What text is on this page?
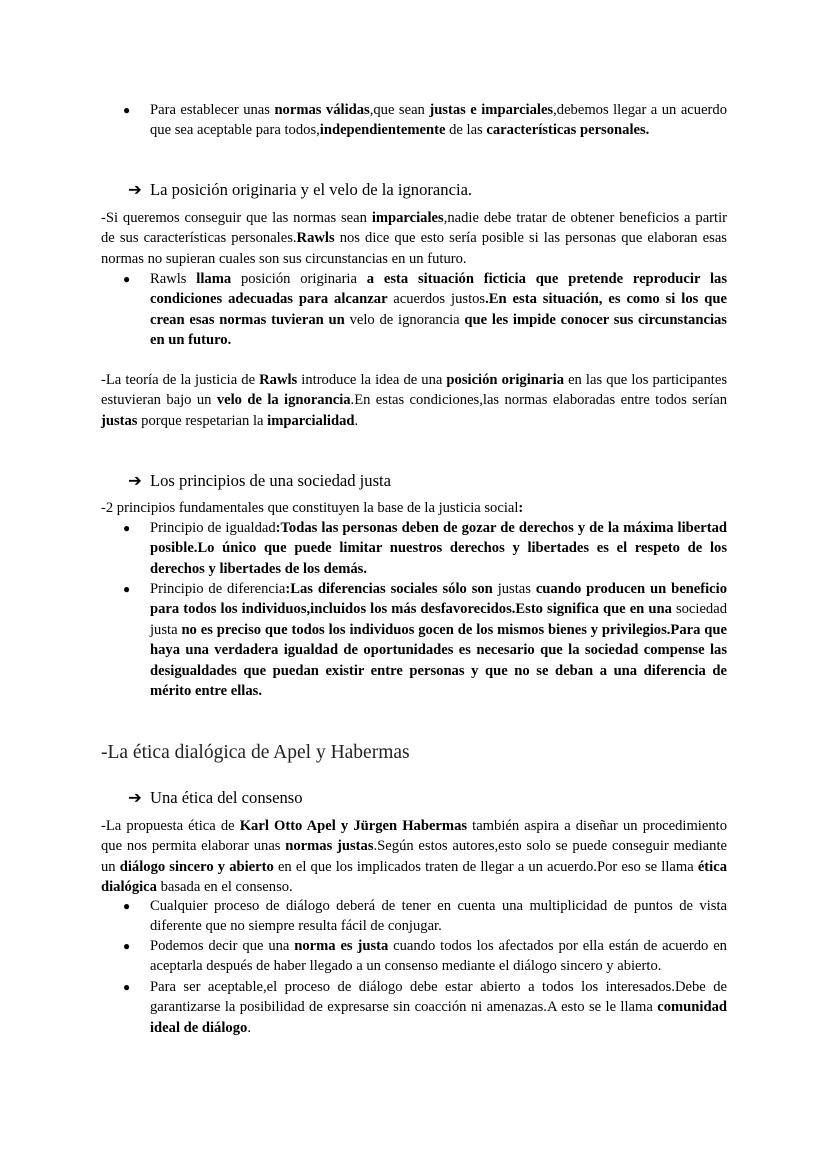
● Para establecer unas normas válidas,que sean justas e imparciales,debemos llegar a un acuerdo que sea aceptable para todos,independientemente de las características personales.
➔ La posición originaria y el velo de la ignorancia.
-Si queremos conseguir que las normas sean imparciales,nadie debe tratar de obtener beneficios a partir de sus características personales.Rawls nos dice que esto sería posible si las personas que elaboran esas normas no supieran cuales son sus circunstancias en un futuro.
● Rawls llama posición originaria a esta situación ficticia que pretende reproducir las condiciones adecuadas para alcanzar acuerdos justos.En esta situación, es como si los que crean esas normas tuvieran un velo de ignorancia que les impide conocer sus circunstancias en un futuro.
-La teoría de la justicia de Rawls introduce la idea de una posición originaria en las que los participantes estuvieran bajo un velo de la ignorancia.En estas condiciones,las normas elaboradas entre todos serían justas porque respetarian la imparcialidad.
➔ Los principios de una sociedad justa
-2 principios fundamentales que constituyen la base de la justicia social:
● Principio de igualdad:Todas las personas deben de gozar de derechos y de la máxima libertad posible.Lo único que puede limitar nuestros derechos y libertades es el respeto de los derechos y libertades de los demás.
● Principio de diferencia:Las diferencias sociales sólo son justas cuando producen un beneficio para todos los individuos,incluidos los más desfavorecidos.Esto significa que en una sociedad justa no es preciso que todos los individuos gocen de los mismos bienes y privilegios.Para que haya una verdadera igualdad de oportunidades es necesario que la sociedad compense las desigualdades que puedan existir entre personas y que no se deban a una diferencia de mérito entre ellas.
-La ética dialógica de Apel y Habermas
➔ Una ética del consenso
-La propuesta ética de Karl Otto Apel y Jürgen Habermas también aspira a diseñar un procedimiento que nos permita elaborar unas normas justas.Según estos autores,esto solo se puede conseguir mediante un diálogo sincero y abierto en el que los implicados traten de llegar a un acuerdo.Por eso se llama ética dialógica basada en el consenso.
● Cualquier proceso de diálogo deberá de tener en cuenta una multiplicidad de puntos de vista diferente que no siempre resulta fácil de conjugar.
● Podemos decir que una norma es justa cuando todos los afectados por ella están de acuerdo en aceptarla después de haber llegado a un consenso mediante el diálogo sincero y abierto.
● Para ser aceptable,el proceso de diálogo debe estar abierto a todos los interesados.Debe de garantizarse la posibilidad de expresarse sin coacción ni amenazas.A esto se le llama comunidad ideal de diálogo.
